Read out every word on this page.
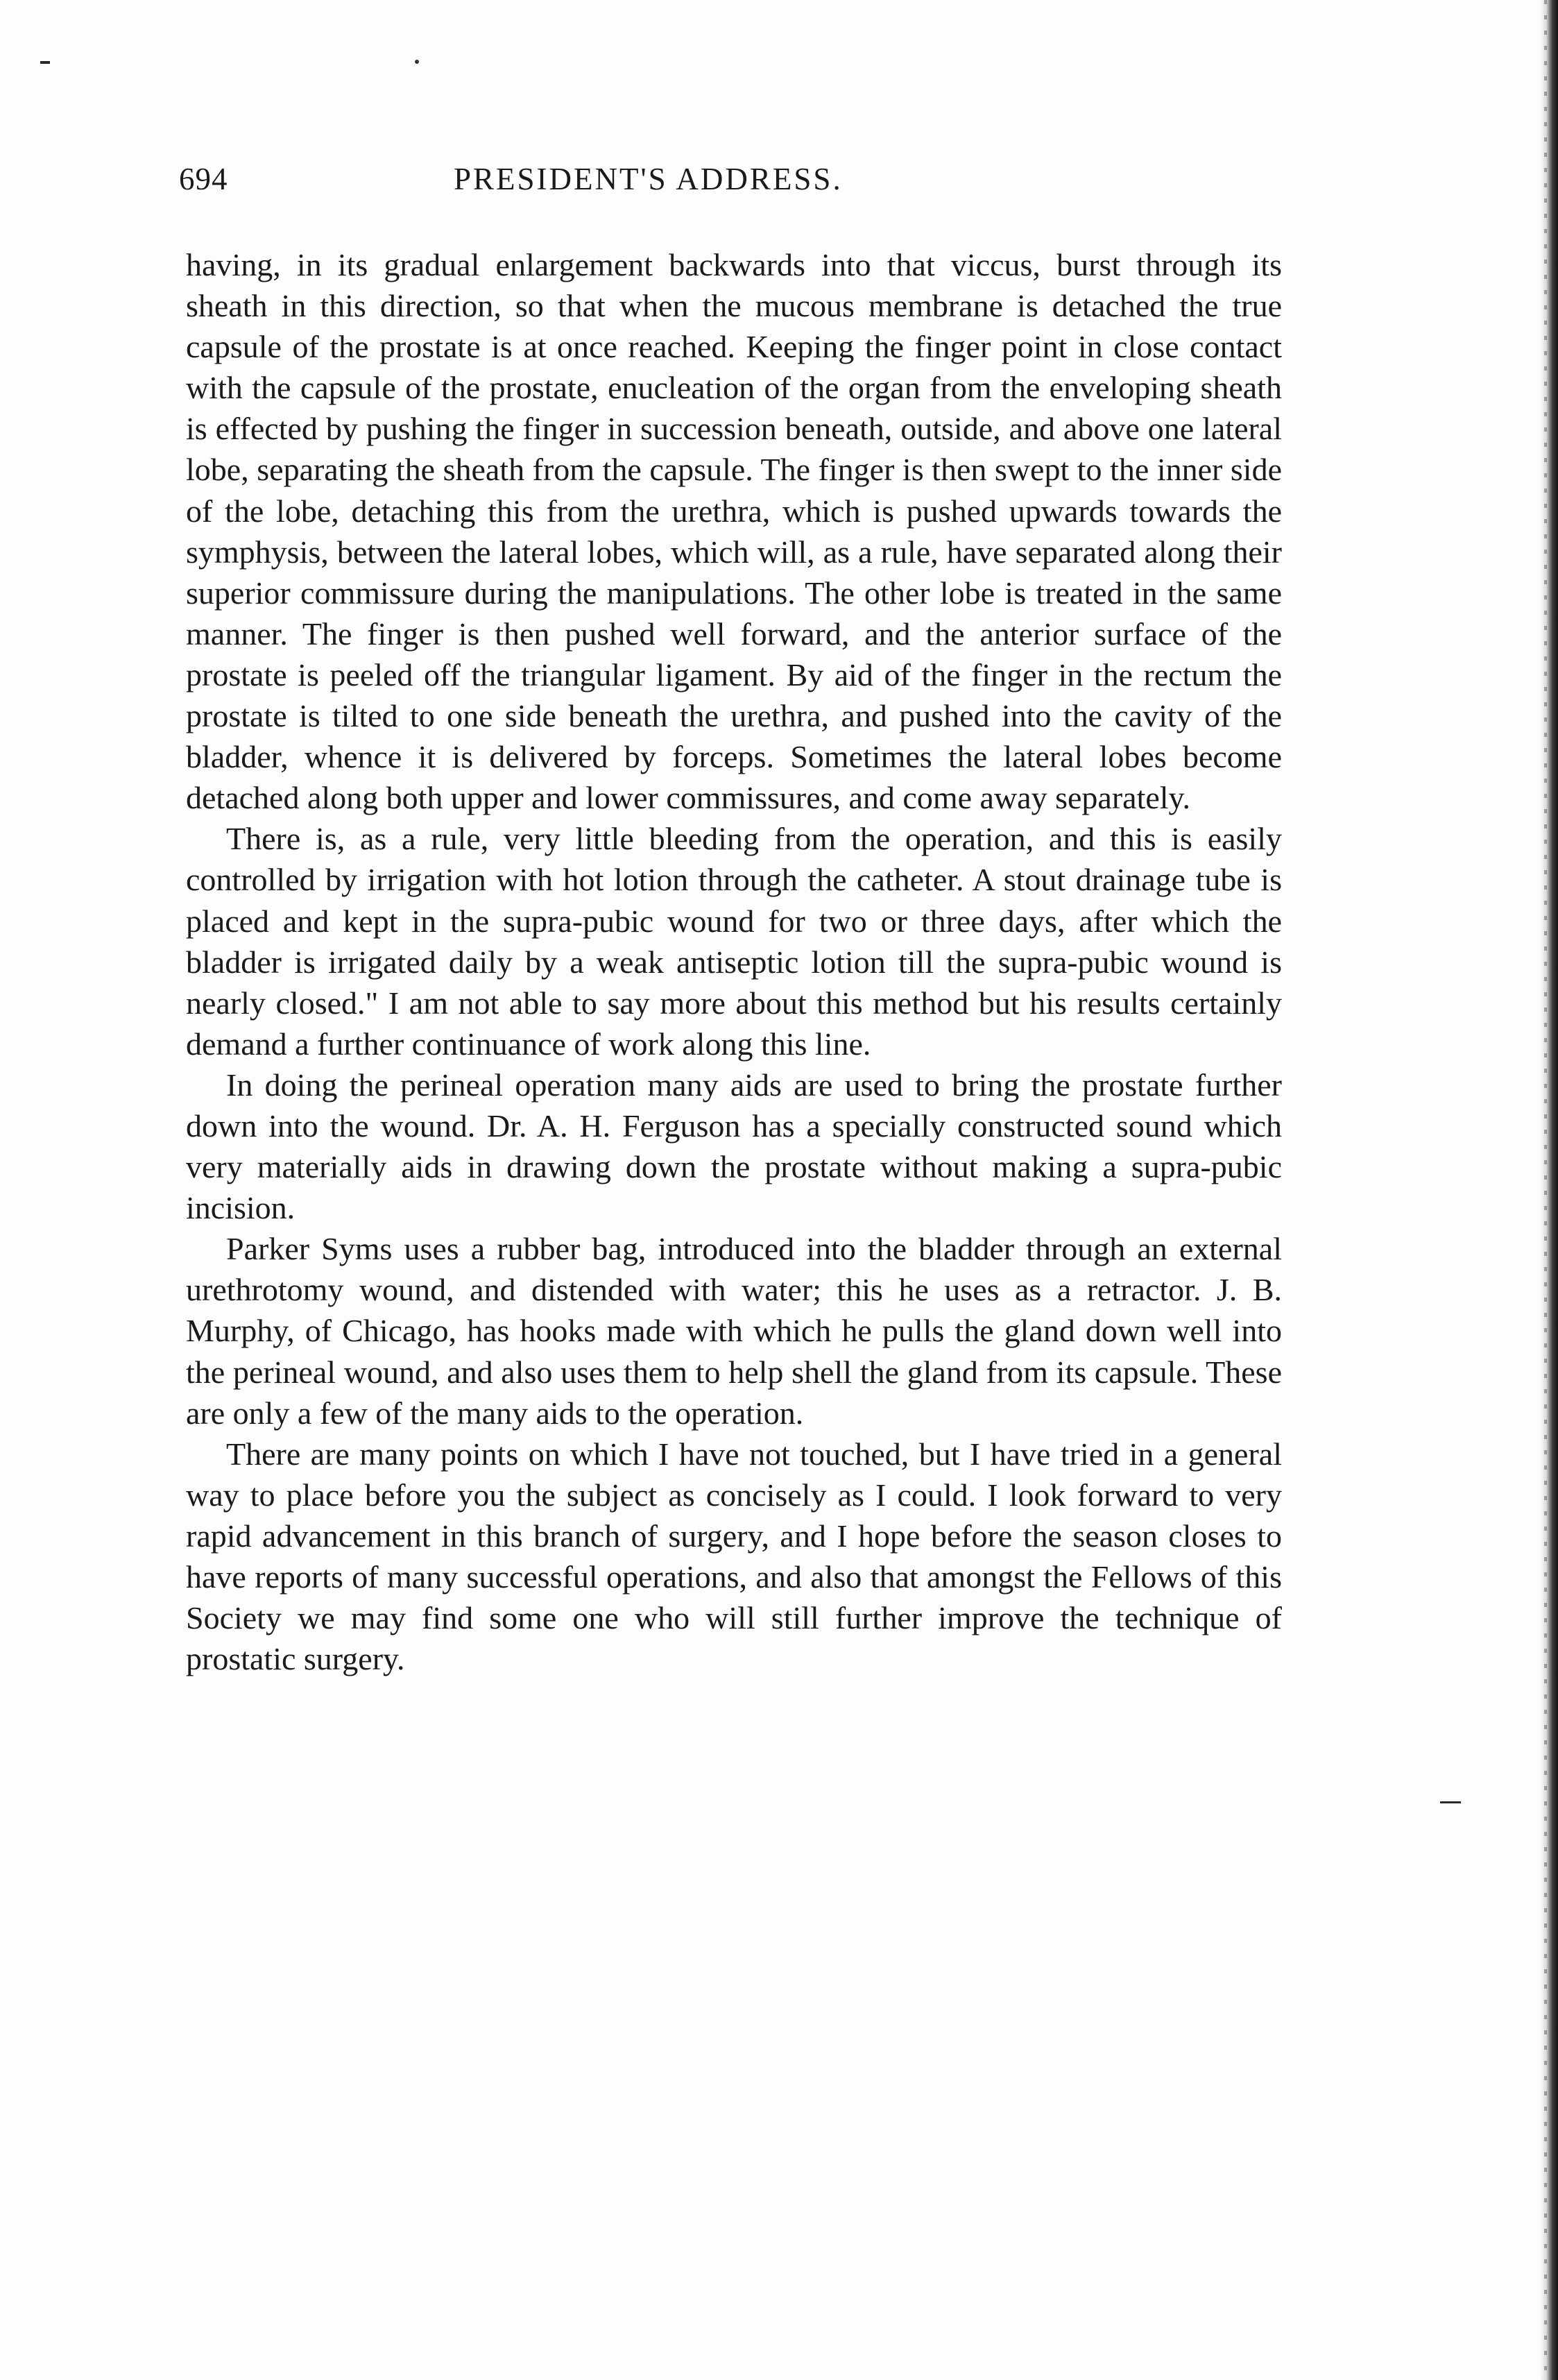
694	PRESIDENT'S ADDRESS.

having, in its gradual enlargement backwards into that viccus, burst through its sheath in this direction, so that when the mucous membrane is detached the true capsule of the prostate is at once reached. Keeping the finger point in close contact with the capsule of the prostate, enucleation of the organ from the enveloping sheath is effected by pushing the finger in succession beneath, outside, and above one lateral lobe, separating the sheath from the capsule. The finger is then swept to the inner side of the lobe, detaching this from the urethra, which is pushed upwards towards the symphysis, between the lateral lobes, which will, as a rule, have separated along their superior commissure during the manipulations. The other lobe is treated in the same manner. The finger is then pushed well forward, and the anterior surface of the prostate is peeled off the triangular ligament. By aid of the finger in the rectum the prostate is tilted to one side beneath the urethra, and pushed into the cavity of the bladder, whence it is delivered by forceps. Sometimes the lateral lobes become detached along both upper and lower commissures, and come away separately.

There is, as a rule, very little bleeding from the operation, and this is easily controlled by irrigation with hot lotion through the catheter. A stout drainage tube is placed and kept in the supra-pubic wound for two or three days, after which the bladder is irrigated daily by a weak antiseptic lotion till the supra-pubic wound is nearly closed." I am not able to say more about this method but his results certainly demand a further continuance of work along this line.

In doing the perineal operation many aids are used to bring the prostate further down into the wound. Dr. A. H. Ferguson has a specially constructed sound which very materially aids in drawing down the prostate without making a supra-pubic incision.

Parker Syms uses a rubber bag, introduced into the bladder through an external urethrotomy wound, and distended with water; this he uses as a retractor. J. B. Murphy, of Chicago, has hooks made with which he pulls the gland down well into the perineal wound, and also uses them to help shell the gland from its capsule. These are only a few of the many aids to the operation.

There are many points on which I have not touched, but I have tried in a general way to place before you the subject as concisely as I could. I look forward to very rapid advancement in this branch of surgery, and I hope before the season closes to have reports of many successful operations, and also that amongst the Fellows of this Society we may find some one who will still further improve the technique of prostatic surgery.
